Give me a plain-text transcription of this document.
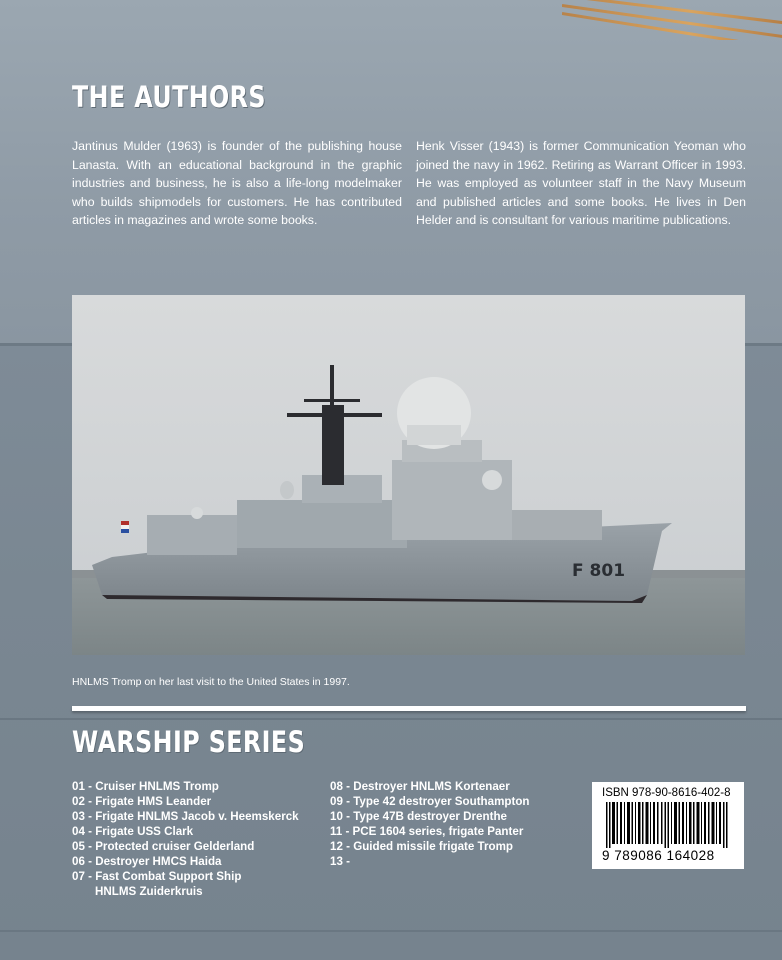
THE AUTHORS
Jantinus Mulder (1963) is founder of the publishing house Lanasta. With an educational background in the graphic industries and business, he is also a life-long modelmaker who builds shipmodels for customers. He has contributed articles in magazines and wrote some books.
Henk Visser (1943) is former Communication Yeoman who joined the navy in 1962. Retiring as Warrant Officer in 1993. He was employed as volunteer staff in the Navy Museum and published articles and some books. He lives in Den Helder and is consultant for various maritime publications.
F 801
HNLMS Tromp on her last visit to the United States in 1997.
WARSHIP SERIES
01 - Cruiser HNLMS Tromp
02 - Frigate HMS Leander
03 - Frigate HNLMS Jacob v. Heemskerck
04 - Frigate USS Clark
05 - Protected cruiser Gelderland
06 - Destroyer HMCS Haida
07 - Fast Combat Support Ship
HNLMS Zuiderkruis
08 - Destroyer HNLMS Kortenaer
09 - Type 42 destroyer Southampton
10 - Type 47B destroyer Drenthe
11 - PCE 1604 series, frigate Panter
12 - Guided missile frigate Tromp
13 -
ISBN 978-90-8616-402-8
9 789086 164028
